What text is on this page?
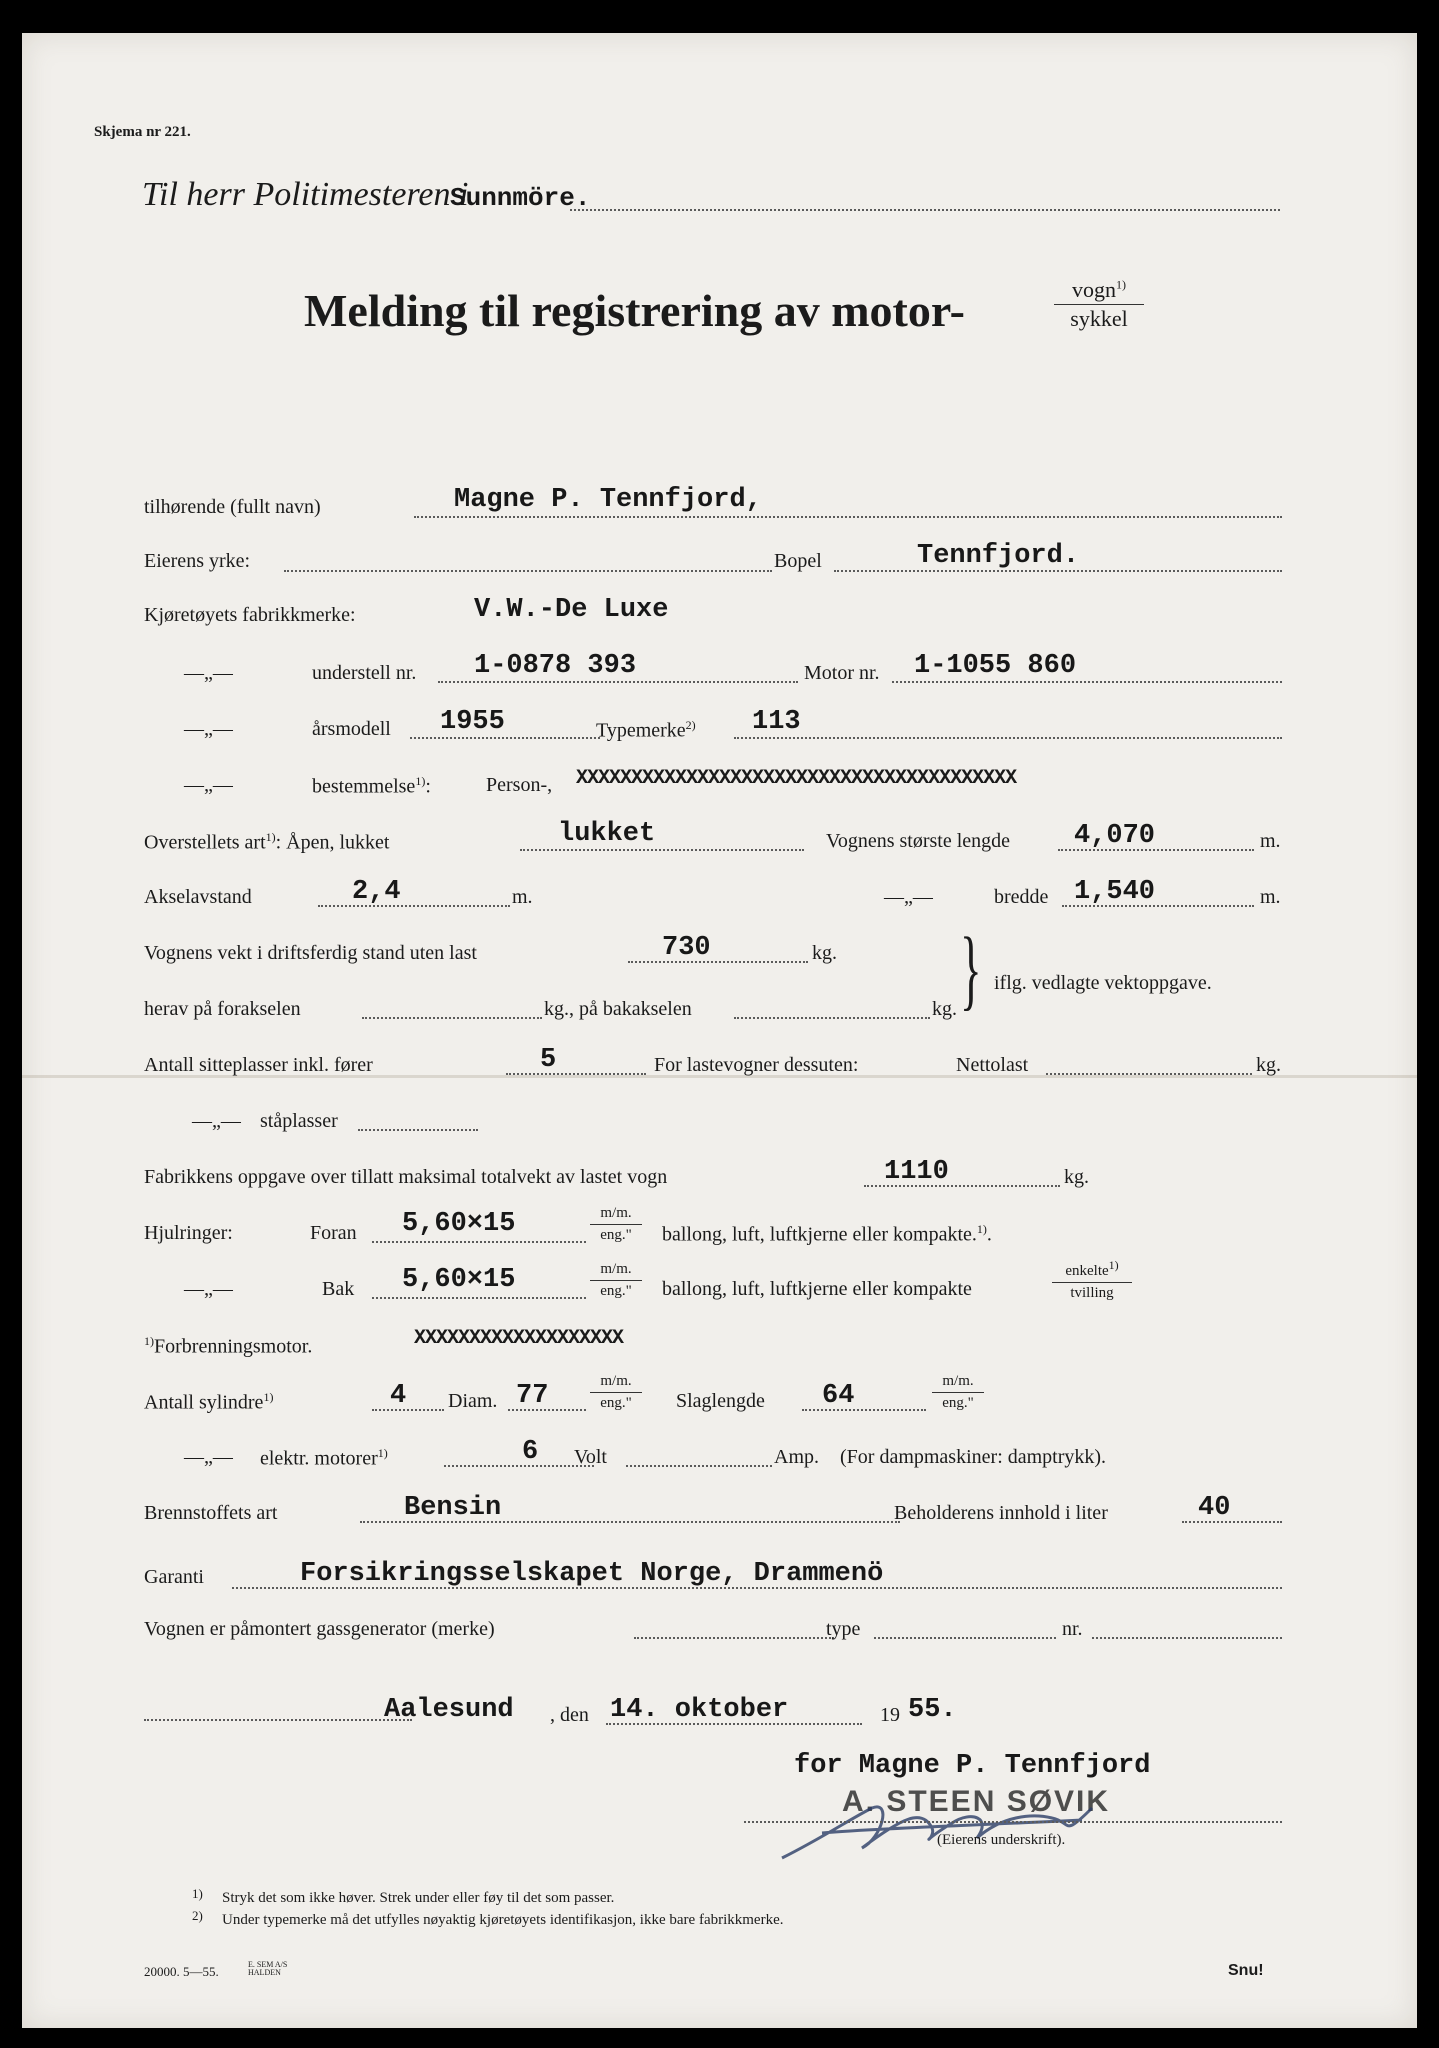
Skjema nr 221.
Til herr Politimesteren i
Sunnmöre.
Melding til registrering av motor-	vogn$^{1)}$
sykkel
tilhørende (fullt navn)	Magne P. Tennfjord,
Eierens yrke:	Bopel	Tennfjord.
Kjøretøyets fabrikkmerke:	V.W.-De Luxe
—„—	understell nr. 1-0878 393	Motor nr. 1-1055 860
—„—	årsmodell 1955	Typemerke$^{2)}$ 113
—„—	bestemmelse$^{1)}$:	Person-, XXXXXXXXXXXXXXXXXXXXXXXXXXXXXXXXXXXXXXXX
Overstellets art$^{1)}$: Åpen, lukket	lukket	Vognens største lengde 4,070	m.
Akselavstand	2,4	m.	—„—	bredde 1,540	m.
Vognens vekt i driftsferdig stand uten last	730	kg.
herav på forakselen	kg., på bakakselen	kg. } iflg. vedlagte vektoppgave.
Antall sitteplasser inkl. fører	5	For lastevogner dessuten:	Nettolast	kg.
—„— ståplasser
Fabrikkens oppgave over tillatt maksimal totalvekt av lastet vogn	1110	kg.
Hjulringer:	Foran 5,60×15	m/m.
eng."	ballong, luft, luftkjerne eller kompakte.$^{1)}$.
—„—	Bak 5,60×15	m/m.
eng."	ballong, luft, luftkjerne eller kompakte
enkelte$^{1)}$
tvilling
$^{1)}$Forbrenningsmotor.	XXXXXXXXXXXXXXXXXXX
Antall sylindre$^{1)}$	4 Diam. 77	m/m.
eng."	Slaglengde 64	m/m.
eng."
—„— elektr. motorer$^{1)}$	6 Volt	Amp. (For dampmaskiner: damptrykk).
Brennstoffets art	Bensin	Beholderens innhold i liter	40
Garanti	Forsikringsselskapet Norge, Drammenö
Vognen er påmontert gassgenerator (merke)	type	nr.
Aalesund , den 14. oktober	19 55.
for Magne P. Tennfjord
A. STEEN SØVIK
(Eierens underskrift).
1) Stryk det som ikke høver. Strek under eller føy til det som passer.
2) Under typemerke må det utfylles nøyaktig kjøretøyets identifikasjon, ikke bare fabrikkmerke.
20000. 5—55.	E. SEM A/S HALDEN	Snu!
